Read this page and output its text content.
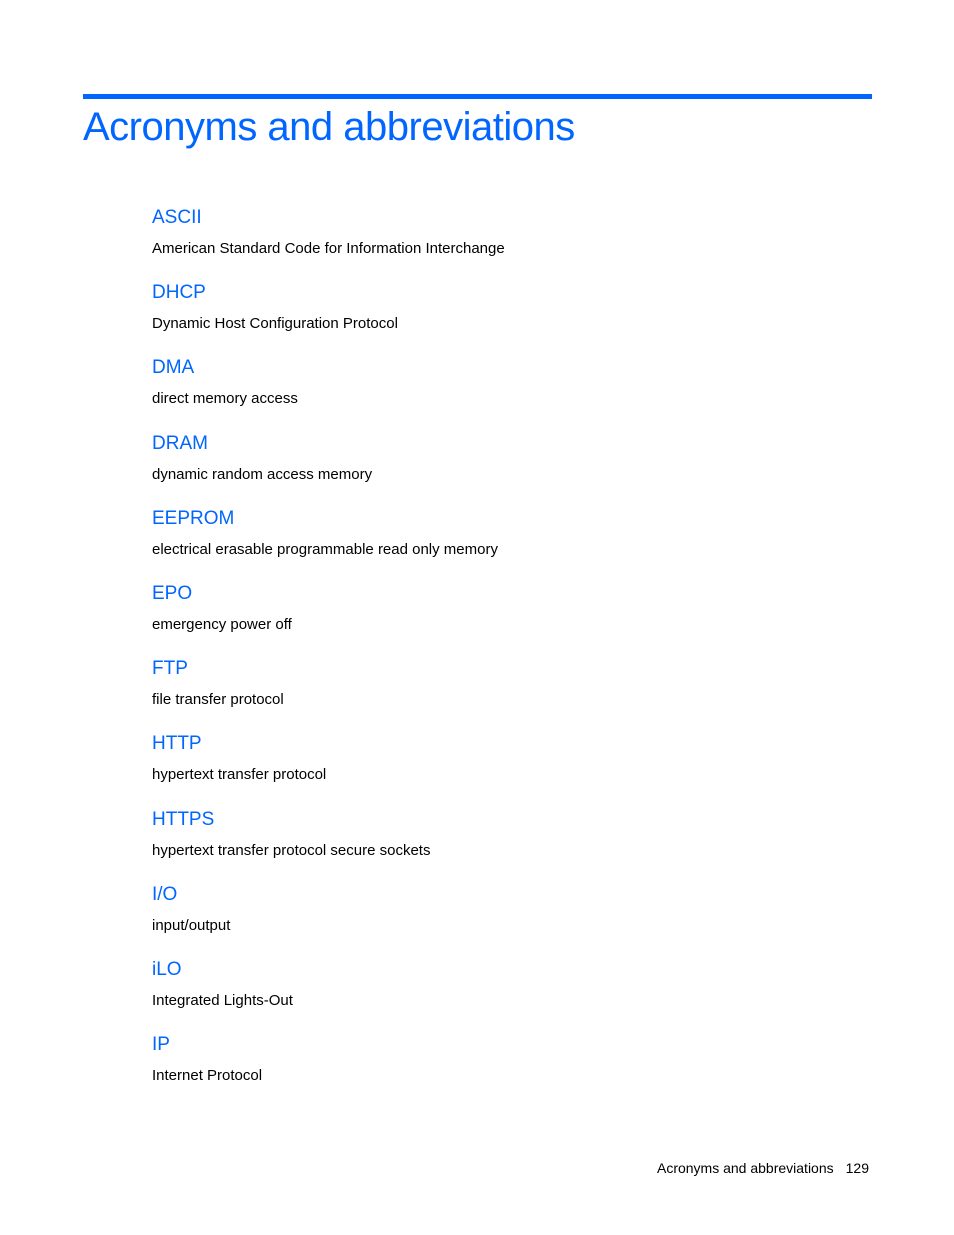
Acronyms and abbreviations
ASCII
American Standard Code for Information Interchange
DHCP
Dynamic Host Configuration Protocol
DMA
direct memory access
DRAM
dynamic random access memory
EEPROM
electrical erasable programmable read only memory
EPO
emergency power off
FTP
file transfer protocol
HTTP
hypertext transfer protocol
HTTPS
hypertext transfer protocol secure sockets
I/O
input/output
iLO
Integrated Lights-Out
IP
Internet Protocol
Acronyms and abbreviations 129
